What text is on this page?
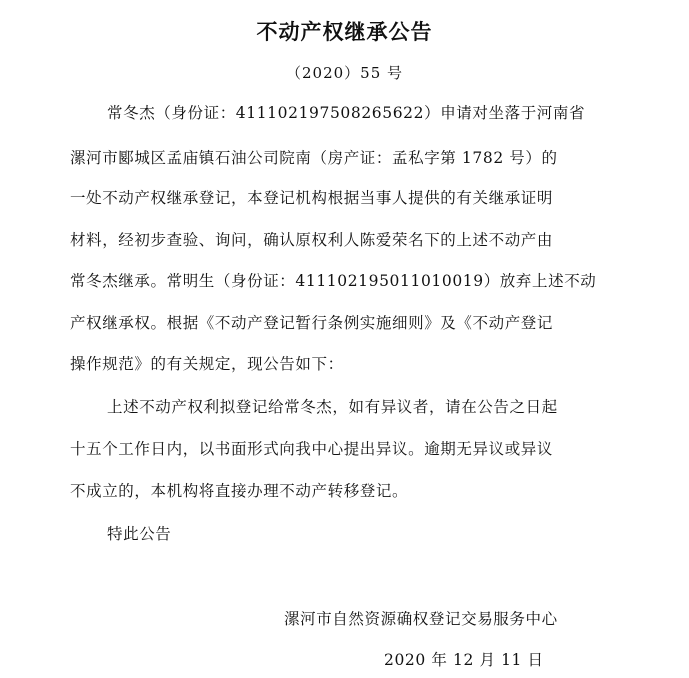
不动产权继承公告
（2020）55 号
常冬杰（身份证：411102197508265622）申请对坐落于河南省
漯河市郾城区孟庙镇石油公司院南（房产证：孟私字第 1782 号）的
一处不动产权继承登记，本登记机构根据当事人提供的有关继承证明
材料，经初步查验、询问，确认原权利人陈爱荣名下的上述不动产由
常冬杰继承。常明生（身份证：411102195011010019）放弃上述不动
产权继承权。根据《不动产登记暂行条例实施细则》及《不动产登记
操作规范》的有关规定，现公告如下：
上述不动产权利拟登记给常冬杰，如有异议者，请在公告之日起
十五个工作日内，以书面形式向我中心提出异议。逾期无异议或异议
不成立的，本机构将直接办理不动产转移登记。
特此公告
漯河市自然资源确权登记交易服务中心
2020 年 12 月 11 日
